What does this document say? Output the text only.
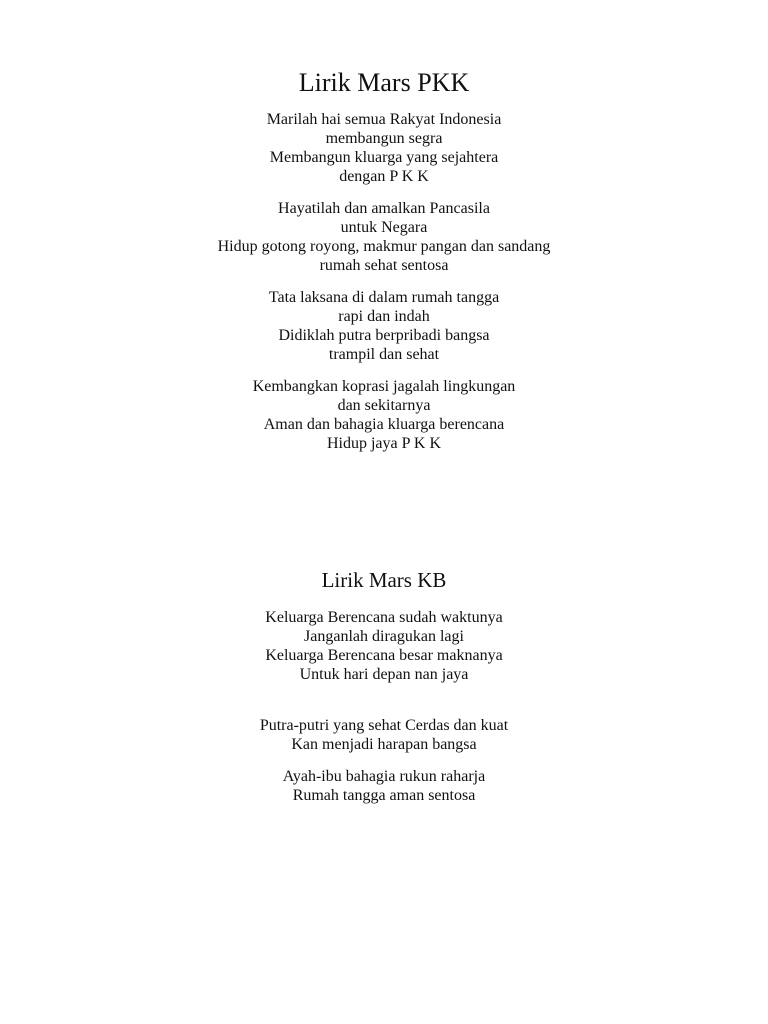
Lirik Mars PKK
Marilah hai semua Rakyat Indonesia
membangun segra
Membangun kluarga yang sejahtera
dengan P K K
Hayatilah dan amalkan Pancasila
untuk Negara
Hidup gotong royong, makmur pangan dan sandang
rumah sehat sentosa
Tata laksana di dalam rumah tangga
rapi dan indah
Didiklah putra berpribadi bangsa
trampil dan sehat
Kembangkan koprasi jagalah lingkungan
dan sekitarnya
Aman dan bahagia kluarga berencana
Hidup jaya P K K
Lirik Mars KB
Keluarga Berencana sudah waktunya
Janganlah diragukan lagi
Keluarga Berencana besar maknanya
Untuk hari depan nan jaya
Putra-putri yang sehat Cerdas dan kuat
Kan menjadi harapan bangsa
Ayah-ibu bahagia rukun raharja
Rumah tangga aman sentosa
